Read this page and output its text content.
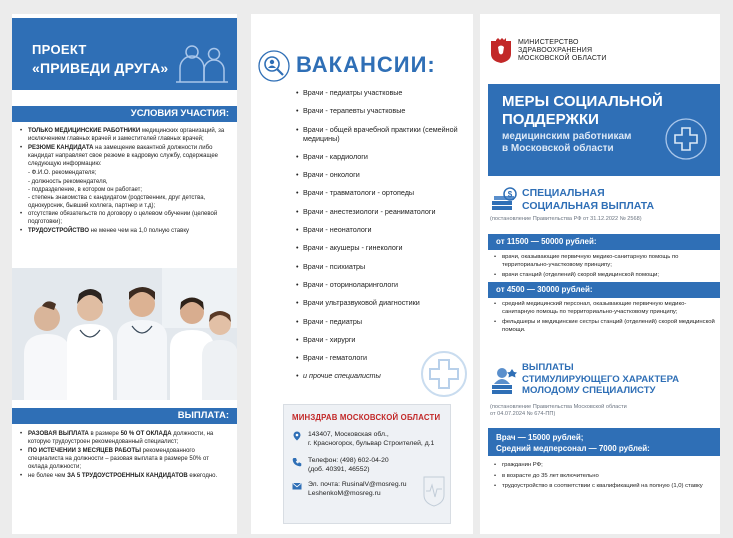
ПРОЕКТ
«ПРИВЕДИ ДРУГА»
УСЛОВИЯ УЧАСТИЯ:
• ТОЛЬКО МЕДИЦИНСКИЕ РАБОТНИКИ медицинских организаций, за исключением главных врачей и заместителей главных врачей;
• РЕЗЮМЕ КАНДИДАТА на замещение вакантной должности либо кандидат направляет свое резюме в кадровую службу, содержащее следующую информацию:
- Ф.И.О. рекомендателя;
- должность рекомендателя,
- подразделение, в котором он работает;
- степень знакомства с кандидатом (родственник, друг детства, однокурсник, бывший коллега, партнер и т.д);
• отсутствие обязательств по договору о целевом обучении (целевой подготовки);
• ТРУДОУСТРОЙСТВО не менее чем на 1,0 полную ставку
ВЫПЛАТА:
• РАЗОВАЯ ВЫПЛАТА в размере 50 % ОТ ОКЛАДА должности, на которую трудоустроен рекомендованный специалист;
• ПО ИСТЕЧЕНИИ 3 МЕСЯЦЕВ РАБОТЫ рекомендованного специалиста на должности – разовая выплата в размере 50% от оклада должности;
• не более чем ЗА 5 ТРУДОУСТРОЕННЫХ КАНДИДАТОВ ежегодно.
ВАКАНСИИ:
• Врачи - педиатры участковые
• Врачи - терапевты участковые
• Врачи - общей врачебной практики (семейной медицины)
• Врачи - кардиологи
• Врачи - онкологи
• Врачи - травматологи - ортопеды
• Врачи - анестезиологи - реаниматологи
• Врачи - неонатологи
• Врачи - акушеры - гинекологи
• Врачи - психиатры
• Врачи - оториноларингологи
• Врачи ультразвуковой диагностики
• Врачи - педиатры
• Врачи - хирурги
• Врачи - гематологи
• и прочие специалисты
МИНЗДРАВ МОСКОВСКОЙ ОБЛАСТИ
143407, Московская обл.,
г. Красногорск, бульвар Строителей, д.1
Телефон: (498) 602-04-20
(доб. 40391, 46552)
Эл. почта: RusinalV@mosreg.ru
LeshenkoM@mosreg.ru
МИНИСТЕРСТВО
ЗДРАВООХРАНЕНИЯ
МОСКОВСКОЙ ОБЛАСТИ
МЕРЫ СОЦИАЛЬНОЙ
ПОДДЕРЖКИ
медицинским работникам
в Московской области
$ СПЕЦИАЛЬНАЯ
СОЦИАЛЬНАЯ ВЫПЛАТА
(постановление Правительства РФ от 31.12.2022 № 2568)
от 11500 — 50000 рублей:
• врачи, оказывающие первичную медико-санитарную помощь по территориально-участковому принципу;
• врачи станций (отделений) скорой медицинской помощи;
от 4500 — 30000 рублей:
• средний медицинский персонал, оказывающие первичную медико-санитарную помощь по территориально-участковому принципу;
• фельдшеры и медицинские сестры станций (отделений) скорой медицинской помощи.
ВЫПЛАТЫ
СТИМУЛИРУЮЩЕГО ХАРАКТЕРА
МОЛОДОМУ СПЕЦИАЛИСТУ
(постановление Правительства Московской области
от 04.07.2024 № 674-ПП)
Врач — 15000 рублей;
Средний медперсонал — 7000 рублей:
• гражданин РФ;
• в возрасте до 35 лет включительно
• трудоустройство в соответствии с квалификацией на полную (1,0) ставку
